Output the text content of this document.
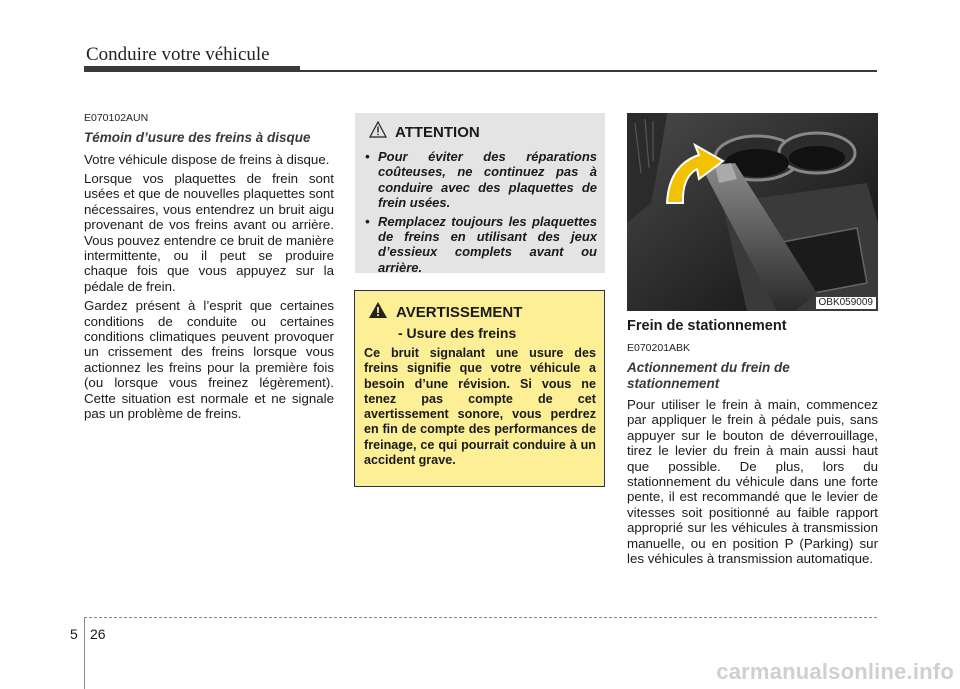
Conduire votre véhicule

E070102AUN

Témoin d’usure des freins à disque

Votre véhicule dispose de freins à disque.

Lorsque vos plaquettes de frein sont usées et que de nouvelles plaquettes sont nécessaires, vous entendrez un bruit aigu provenant de vos freins avant ou arrière. Vous pouvez entendre ce bruit de manière intermittente, ou il peut se produire chaque fois que vous appuyez sur la pédale de frein.

Gardez présent à l’esprit que certaines conditions de conduite ou certaines conditions climatiques peuvent provoquer un crissement des freins lorsque vous actionnez les freins pour la première fois (ou lorsque vous freinez légèrement). Cette situation est normale et ne signale pas un problème de freins.

ATTENTION
• Pour éviter des réparations coûteuses, ne continuez pas à conduire avec des plaquettes de frein usées.
• Remplacez toujours les plaquettes de freins en utilisant des jeux d’essieux complets avant ou arrière.
AVERTISSEMENT
- Usure des freins
Ce bruit signalant une usure des freins signifie que votre véhicule a besoin d’une révision. Si vous ne tenez pas compte de cet avertissement sonore, vous perdrez en fin de compte des performances de freinage, ce qui pourrait conduire à un accident grave.
OBK059009
Frein de stationnement

E070201ABK

Actionnement du frein de stationnement

Pour utiliser le frein à main, commencez par appliquer le frein à pédale puis, sans appuyer sur le bouton de déverrouillage, tirez le levier du frein à main aussi haut que possible. De plus, lors du stationnement du véhicule dans une forte pente, il est recommandé que le levier de vitesses soit positionné au faible rapport approprié sur les véhicules à transmission manuelle, ou en position P (Parking) sur les véhicules à transmission automatique.

5 26
carmanualsonline.info
